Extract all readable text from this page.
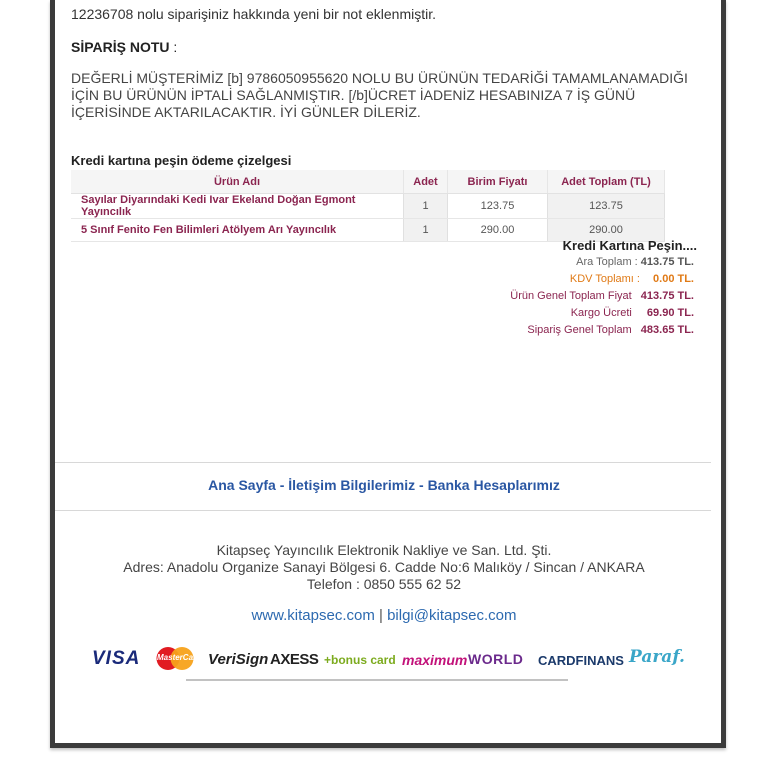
12236708 nolu siparişiniz hakkında yeni bir not eklenmiştir.
SİPARİŞ NOTU :
DEĞERLİ MÜŞTERİMİZ [b] 9786050955620 NOLU BU ÜRÜNÜN TEDARİĞİ TAMAMLANAMADIĞI İÇİN BU ÜRÜNÜN İPTALİ SAĞLANMIŞTIR. [/b]ÜCRET İADENİZ HESABINIZA 7 İŞ GÜNÜ İÇERİSİNDE AKTARILACAKTIR. İYİ GÜNLER DİLERİZ.
Kredi kartına peşin ödeme çizelgesi
Ürün Adı	Adet	Birim Fiyatı	Adet Toplam (TL)
Sayılar Diyarındaki Kedi Ivar Ekeland Doğan Egmont Yayıncılık	1	123.75	123.75
5 Sınıf Fenito Fen Bilimleri Atölyem Arı Yayıncılık	1	290.00	290.00
Kredi Kartına Peşin....
Ara Toplam : 413.75 TL.
KDV Toplamı : 0.00 TL.
Ürün Genel Toplam Fiyat 413.75 TL.
Kargo Ücreti 69.90 TL.
Sipariş Genel Toplam 483.65 TL.
Ana Sayfa - İletişim Bilgilerimiz - Banka Hesaplarımız
Kitapseç Yayıncılık Elektronik Nakliye ve San. Ltd. Şti.
Adres: Anadolu Organize Sanayi Bölgesi 6. Cadde No:6 Malıköy / Sincan / ANKARA
Telefon : 0850 555 62 52
www.kitapsec.com | bilgi@kitapsec.com
VISA MasterCard VeriSign AXESS +bonus card maximum WORLD CARDFINANS Paraf.
